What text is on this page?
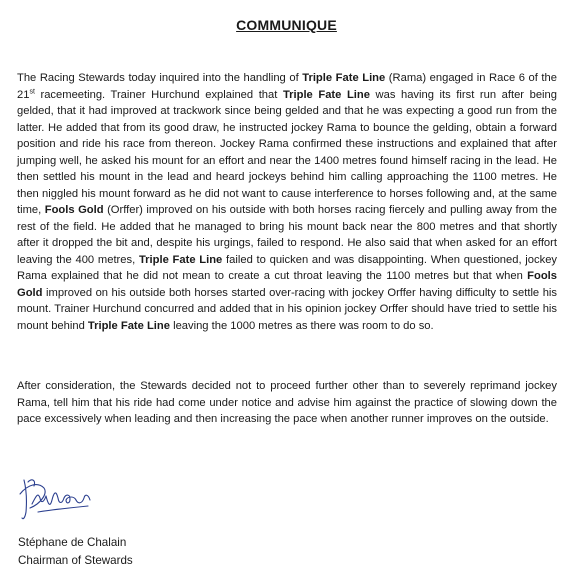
COMMUNIQUE
The Racing Stewards today inquired into the handling of Triple Fate Line (Rama) engaged in Race 6 of the 21st racemeeting. Trainer Hurchund explained that Triple Fate Line was having its first run after being gelded, that it had improved at trackwork since being gelded and that he was expecting a good run from the latter. He added that from its good draw, he instructed jockey Rama to bounce the gelding, obtain a forward position and ride his race from thereon. Jockey Rama confirmed these instructions and explained that after jumping well, he asked his mount for an effort and near the 1400 metres found himself racing in the lead. He then settled his mount in the lead and heard jockeys behind him calling approaching the 1100 metres. He then niggled his mount forward as he did not want to cause interference to horses following and, at the same time, Fools Gold (Orffer) improved on his outside with both horses racing fiercely and pulling away from the rest of the field. He added that he managed to bring his mount back near the 800 metres and that shortly after it dropped the bit and, despite his urgings, failed to respond. He also said that when asked for an effort leaving the 400 metres, Triple Fate Line failed to quicken and was disappointing. When questioned, jockey Rama explained that he did not mean to create a cut throat leaving the 1100 metres but that when Fools Gold improved on his outside both horses started over-racing with jockey Orffer having difficulty to settle his mount. Trainer Hurchund concurred and added that in his opinion jockey Orffer should have tried to settle his mount behind Triple Fate Line leaving the 1000 metres as there was room to do so.
After consideration, the Stewards decided not to proceed further other than to severely reprimand jockey Rama, tell him that his ride had come under notice and advise him against the practice of slowing down the pace excessively when leading and then increasing the pace when another runner improves on the outside.
Stéphane de Chalain
Chairman of Stewards
